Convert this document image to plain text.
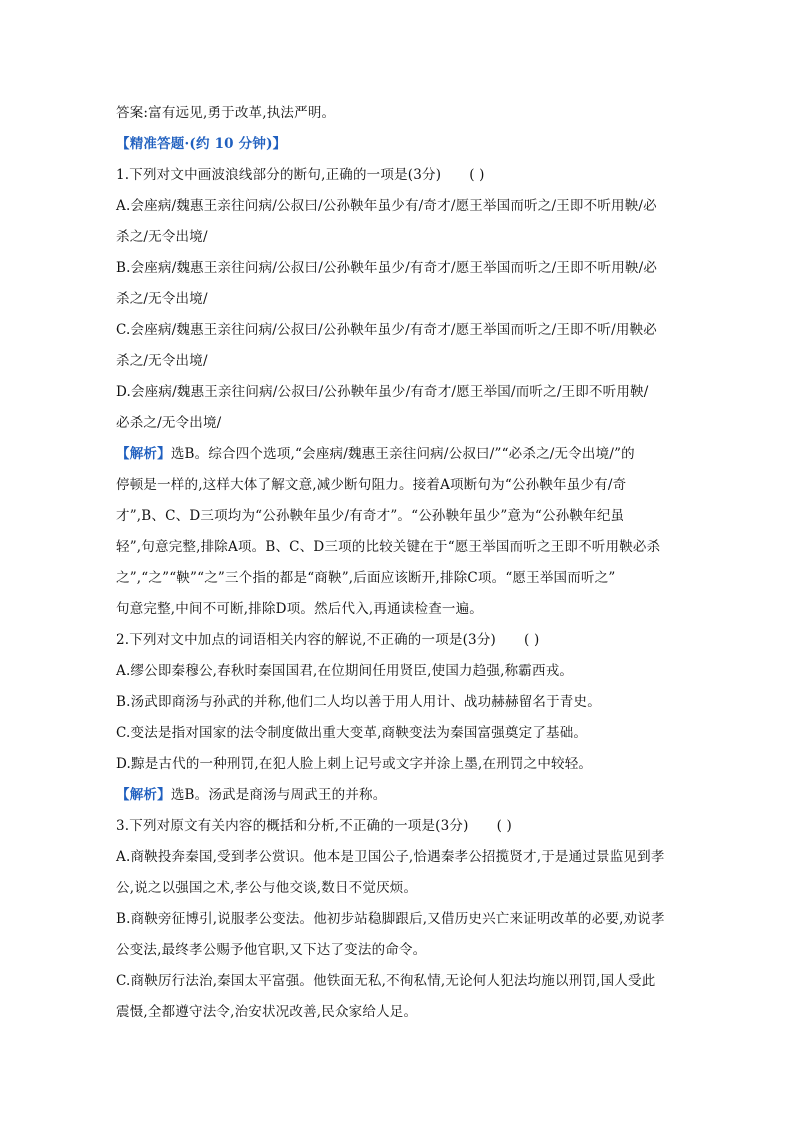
答案:富有远见,勇于改革,执法严明。
【精准答题·(约 10 分钟)】
1.下列对文中画波浪线部分的断句,正确的一项是(3分) ( )
A.会座病/魏惠王亲往问病/公叔曰/公孙鞅年虽少有/奇才/愿王举国而听之/王即不听用鞅/必
杀之/无令出境/
B.会座病/魏惠王亲往问病/公叔曰/公孙鞅年虽少/有奇才/愿王举国而听之/王即不听用鞅/必
杀之/无令出境/
C.会座病/魏惠王亲往问病/公叔曰/公孙鞅年虽少/有奇才/愿王举国而听之/王即不听/用鞅必
杀之/无令出境/
D.会座病/魏惠王亲往问病/公叔曰/公孙鞅年虽少/有奇才/愿王举国/而听之/王即不听用鞅/
必杀之/无令出境/
【解析】选B。综合四个选项,“会座病/魏惠王亲往问病/公叔曰/”“必杀之/无令出境/”的
停顿是一样的,这样大体了解文意,减少断句阻力。接着A项断句为“公孙鞅年虽少有/奇
才”,B、C、D三项均为“公孙鞅年虽少/有奇才”。“公孙鞅年虽少”意为“公孙鞅年纪虽
轻”,句意完整,排除A项。B、C、D三项的比较关键在于“愿王举国而听之王即不听用鞅必杀
之”,“之”“鞅”“之”三个指的都是“商鞅”,后面应该断开,排除C项。“愿王举国而听之”
句意完整,中间不可断,排除D项。然后代入,再通读检查一遍。
2.下列对文中加点的词语相关内容的解说,不正确的一项是(3分) ( )
A.缪公即秦穆公,春秋时秦国国君,在位期间任用贤臣,使国力趋强,称霸西戎。
B.汤武即商汤与孙武的并称,他们二人均以善于用人用计、战功赫赫留名于青史。
C.变法是指对国家的法令制度做出重大变革,商鞅变法为秦国富强奠定了基础。
D.黥是古代的一种刑罚,在犯人脸上刺上记号或文字并涂上墨,在刑罚之中较轻。
【解析】选B。汤武是商汤与周武王的并称。
3.下列对原文有关内容的概括和分析,不正确的一项是(3分) ( )
A.商鞅投奔秦国,受到孝公赏识。他本是卫国公子,恰遇秦孝公招揽贤才,于是通过景监见到孝
公,说之以强国之术,孝公与他交谈,数日不觉厌烦。
B.商鞅旁征博引,说服孝公变法。他初步站稳脚跟后,又借历史兴亡来证明改革的必要,劝说孝
公变法,最终孝公赐予他官职,又下达了变法的命令。
C.商鞅厉行法治,秦国太平富强。他铁面无私,不徇私情,无论何人犯法均施以刑罚,国人受此
震慑,全都遵守法令,治安状况改善,民众家给人足。
